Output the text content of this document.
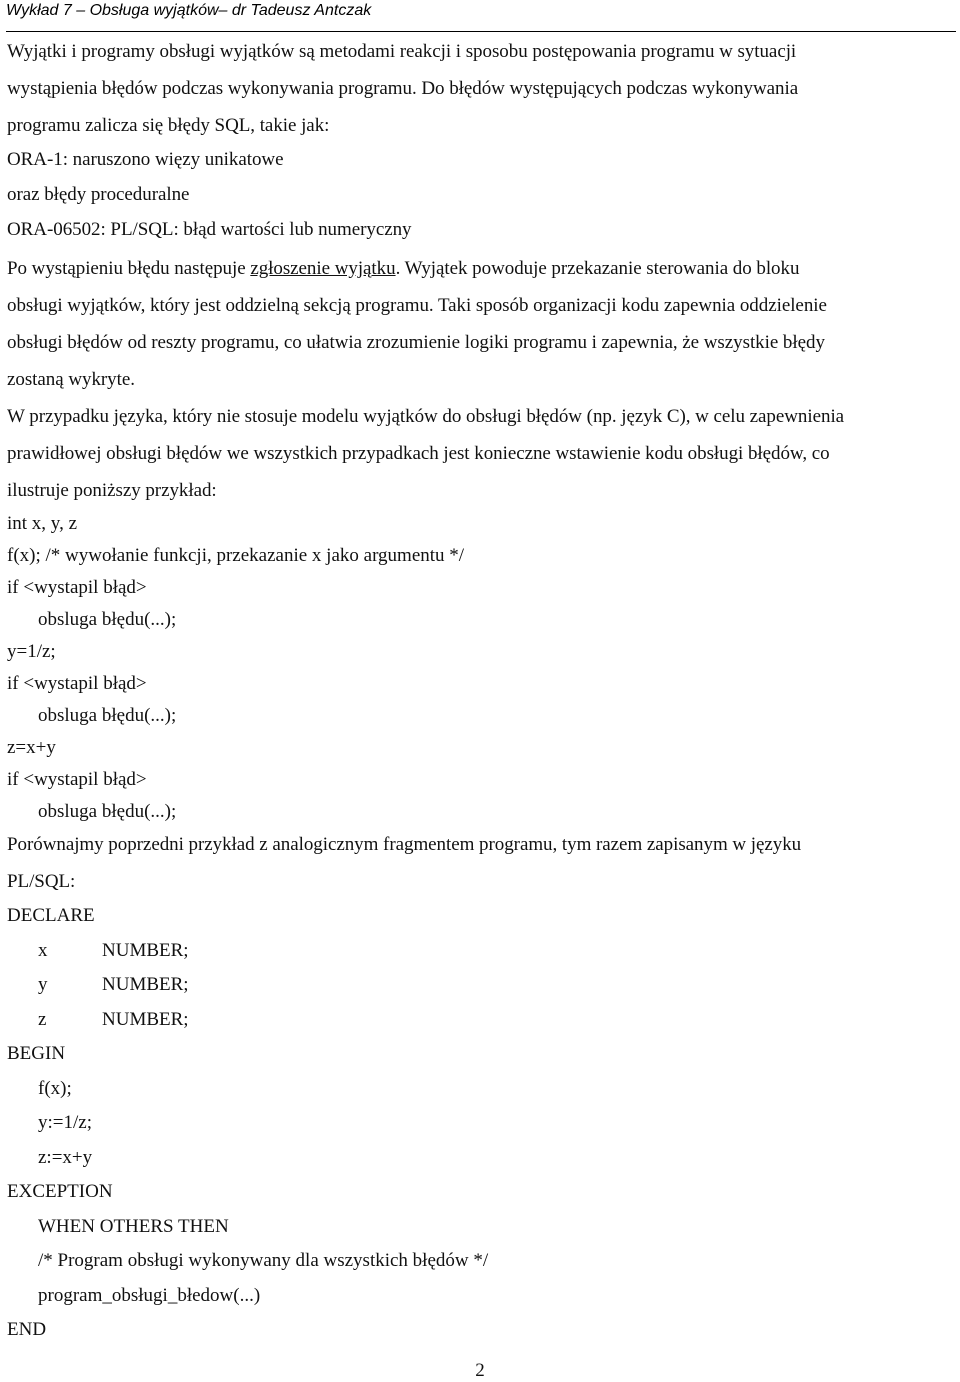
Wykład 7 – Obsługa wyjątków– dr Tadeusz Antczak
Wyjątki i programy obsługi wyjątków są metodami reakcji i sposobu postępowania programu w sytuacji
wystąpienia błędów podczas wykonywania programu. Do błędów występujących podczas wykonywania
programu zalicza się błędy SQL, takie jak:
ORA-1: naruszono więzy unikatowe
oraz błędy proceduralne
ORA-06502: PL/SQL: błąd wartości lub numeryczny
Po wystąpieniu błędu następuje zgłoszenie wyjątku. Wyjątek powoduje przekazanie sterowania do bloku
obsługi wyjątków, który jest oddzielną sekcją programu. Taki sposób organizacji kodu zapewnia oddzielenie
obsługi błędów od reszty programu, co ułatwia zrozumienie logiki programu i zapewnia, że wszystkie błędy
zostaną wykryte.
W przypadku języka, który nie stosuje modelu wyjątków do obsługi błędów (np. język C), w celu zapewnienia
prawidłowej obsługi błędów we wszystkich przypadkach jest konieczne wstawienie kodu obsługi błędów, co
ilustruje poniższy przykład:
int x, y, z
f(x); /* wywołanie funkcji, przekazanie x jako argumentu */
if <wystapil błąd>
obsluga błędu(...);
y=1/z;
if <wystapil błąd>
obsluga błędu(...);
z=x+y
if <wystapil błąd>
obsluga błędu(...);
Porównajmy poprzedni przykład z analogicznym fragmentem programu, tym razem zapisanym w języku
PL/SQL:
DECLARE
x	NUMBER;
y	NUMBER;
z	NUMBER;
BEGIN
f(x);
y:=1/z;
z:=x+y
EXCEPTION
WHEN OTHERS THEN
/* Program obsługi wykonywany dla wszystkich błędów */
program_obsługi_błedow(...)
END
2
